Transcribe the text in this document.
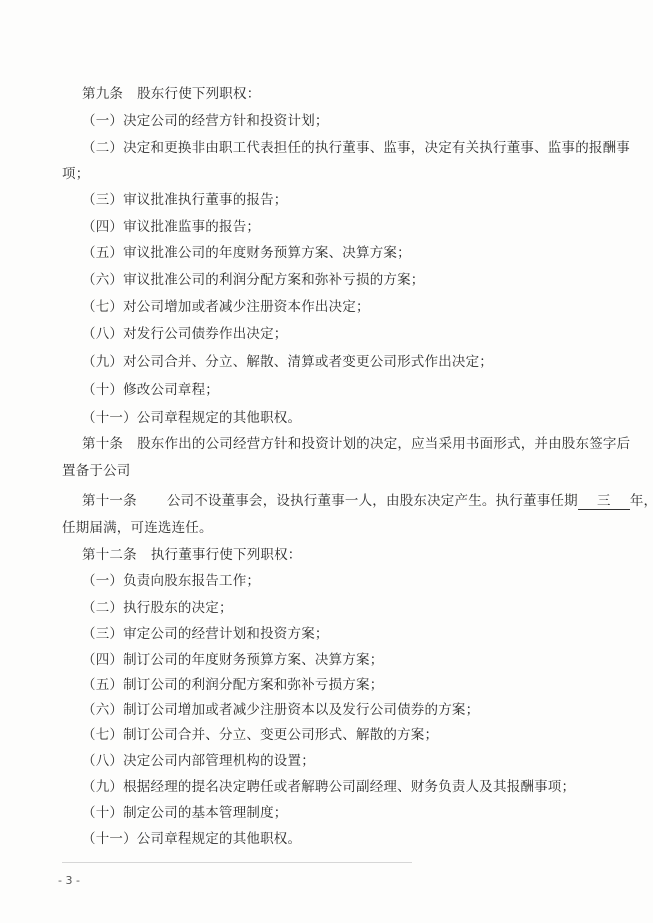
第九条 股东行使下列职权：
（一）决定公司的经营方针和投资计划；
（二）决定和更换非由职工代表担任的执行董事、监事，决定有关执行董事、监事的报酬事
项；
（三）审议批准执行董事的报告；
（四）审议批准监事的报告；
（五）审议批准公司的年度财务预算方案、决算方案；
（六）审议批准公司的利润分配方案和弥补亏损的方案；
（七）对公司增加或者减少注册资本作出决定；
（八）对发行公司债券作出决定；
（九）对公司合并、分立、解散、清算或者变更公司形式作出决定；
（十）修改公司章程；
（十一）公司章程规定的其他职权。
第十条 股东作出的公司经营方针和投资计划的决定，应当采用书面形式，并由股东签字后
置备于公司
第十一条 公司不设董事会，设执行董事一人，由股东决定产生。执行董事任期 三 年，
任期届满，可连选连任。
第十二条 执行董事行使下列职权：
（一）负责向股东报告工作；
（二）执行股东的决定；
（三）审定公司的经营计划和投资方案；
（四）制订公司的年度财务预算方案、决算方案；
（五）制订公司的利润分配方案和弥补亏损方案；
（六）制订公司增加或者减少注册资本以及发行公司债券的方案；
（七）制订公司合并、分立、变更公司形式、解散的方案；
（八）决定公司内部管理机构的设置；
（九）根据经理的提名决定聘任或者解聘公司副经理、财务负责人及其报酬事项；
（十）制定公司的基本管理制度；
（十一）公司章程规定的其他职权。
- 3 -
